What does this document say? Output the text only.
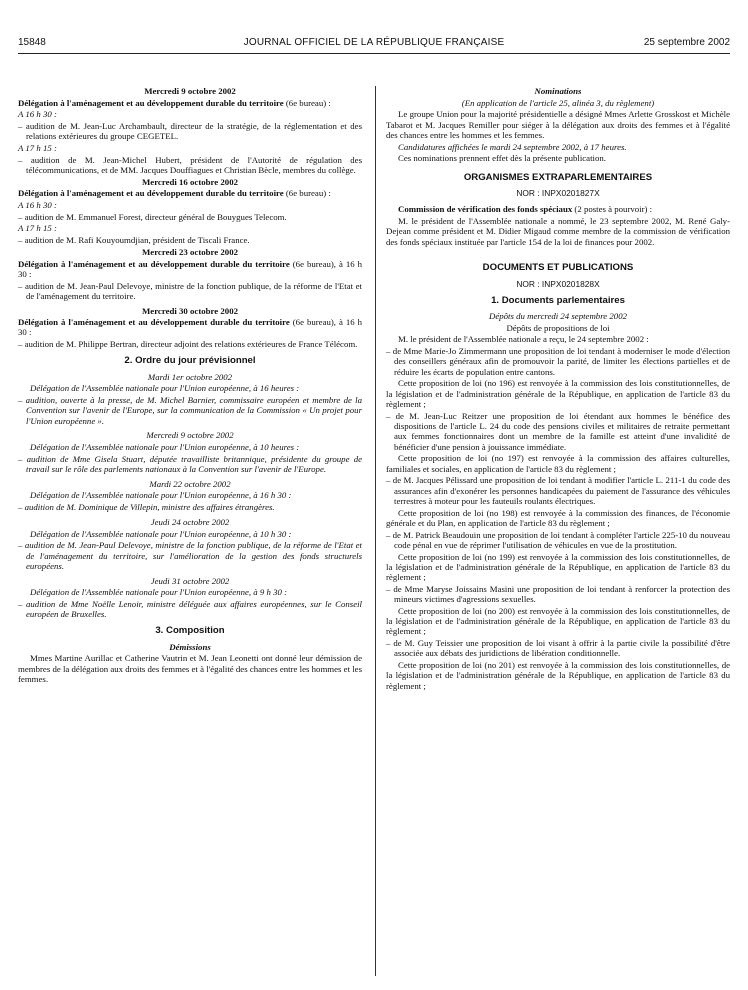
15848	JOURNAL OFFICIEL DE LA RÉPUBLIQUE FRANÇAISE	25 septembre 2002

Mercredi 9 octobre 2002

Délégation à l'aménagement et au développement durable du territoire (6e bureau) :

A 16 h 30 :

– audition de M. Jean-Luc Archambault, directeur de la stratégie, de la réglementation et des relations extérieures du groupe CEGETEL.

A 17 h 15 :

– audition de M. Jean-Michel Hubert, président de l'Autorité de régulation des télécommunications, et de MM. Jacques Douffiagues et Christian Bècle, membres du collège.

Mercredi 16 octobre 2002

Délégation à l'aménagement et au développement durable du territoire (6e bureau) :

A 16 h 30 :

– audition de M. Emmanuel Forest, directeur général de Bouygues Telecom.

A 17 h 15 :

– audition de M. Rafi Kouyoumdjian, président de Tiscali France.

Mercredi 23 octobre 2002

Délégation à l'aménagement et au développement durable du territoire (6e bureau), à 16 h 30 :

– audition de M. Jean-Paul Delevoye, ministre de la fonction publique, de la réforme de l'Etat et de l'aménagement du territoire.

Mercredi 30 octobre 2002

Délégation à l'aménagement et au développement durable du territoire (6e bureau), à 16 h 30 :

– audition de M. Philippe Bertran, directeur adjoint des relations extérieures de France Télécom.

2. Ordre du jour prévisionnel

Mardi 1er octobre 2002

Délégation de l'Assemblée nationale pour l'Union européenne, à 16 heures :

– audition, ouverte à la presse, de M. Michel Barnier, commissaire européen et membre de la Convention sur l'avenir de l'Europe, sur la communication de la Commission « Un projet pour l'Union européenne ».

Mercredi 9 octobre 2002

Délégation de l'Assemblée nationale pour l'Union européenne, à 10 heures :

– audition de Mme Gisela Stuart, députée travailliste britannique, présidente du groupe de travail sur le rôle des parlements nationaux à la Convention sur l'avenir de l'Europe.

Mardi 22 octobre 2002

Délégation de l'Assemblée nationale pour l'Union européenne, à 16 h 30 :

– audition de M. Dominique de Villepin, ministre des affaires étrangères.

Jeudi 24 octobre 2002

Délégation de l'Assemblée nationale pour l'Union européenne, à 10 h 30 :

– audition de M. Jean-Paul Delevoye, ministre de la fonction publique, de la réforme de l'Etat et de l'aménagement du territoire, sur l'amélioration de la gestion des fonds structurels européens.

Jeudi 31 octobre 2002

Délégation de l'Assemblée nationale pour l'Union européenne, à 9 h 30 :

– audition de Mme Noëlle Lenoir, ministre déléguée aux affaires européennes, sur le Conseil européen de Bruxelles.

3. Composition

Démissions

Mmes Martine Aurillac et Catherine Vautrin et M. Jean Leonetti ont donné leur démission de membres de la délégation aux droits des femmes et à l'égalité des chances entre les hommes et les femmes.

Nominations

(En application de l'article 25, alinéa 3, du règlement)

Le groupe Union pour la majorité présidentielle a désigné Mmes Arlette Grosskost et Michèle Tabarot et M. Jacques Remiller pour siéger à la délégation aux droits des femmes et à l'égalité des chances entre les hommes et les femmes.

Candidatures affichées le mardi 24 septembre 2002, à 17 heures.

Ces nominations prennent effet dès la présente publication.

ORGANISMES EXTRAPARLEMENTAIRES

NOR : INPX0201827X

Commission de vérification des fonds spéciaux (2 postes à pourvoir) :

M. le président de l'Assemblée nationale a nommé, le 23 septembre 2002, M. René Galy-Dejean comme président et M. Didier Migaud comme membre de la commission de vérification des fonds spéciaux instituée par l'article 154 de la loi de finances pour 2002.

DOCUMENTS ET PUBLICATIONS

NOR : INPX0201828X

1. Documents parlementaires

Dépôts du mercredi 24 septembre 2002

Dépôts de propositions de loi

M. le président de l'Assemblée nationale a reçu, le 24 septembre 2002 :

– de Mme Marie-Jo Zimmermann une proposition de loi tendant à moderniser le mode d'élection des conseillers généraux afin de promouvoir la parité, de limiter les élections partielles et de réduire les écarts de population entre cantons.

Cette proposition de loi (no 196) est renvoyée à la commission des lois constitutionnelles, de la législation et de l'administration générale de la République, en application de l'article 83 du règlement ;

– de M. Jean-Luc Reitzer une proposition de loi étendant aux hommes le bénéfice des dispositions de l'article L. 24 du code des pensions civiles et militaires de retraite permettant aux femmes fonctionnaires dont un membre de la famille est atteint d'une invalidité de bénéficier d'une pension à jouissance immédiate.

Cette proposition de loi (no 197) est renvoyée à la commission des affaires culturelles, familiales et sociales, en application de l'article 83 du règlement ;

– de M. Jacques Pélissard une proposition de loi tendant à modifier l'article L. 211-1 du code des assurances afin d'exonérer les personnes handicapées du paiement de l'assurance des véhicules terrestres à moteur pour les fauteuils roulants électriques.

Cette proposition de loi (no 198) est renvoyée à la commission des finances, de l'économie générale et du Plan, en application de l'article 83 du règlement ;

– de M. Patrick Beaudouin une proposition de loi tendant à compléter l'article 225-10 du nouveau code pénal en vue de réprimer l'utilisation de véhicules en vue de la prostitution.

Cette proposition de loi (no 199) est renvoyée à la commission des lois constitutionnelles, de la législation et de l'administration générale de la République, en application de l'article 83 du règlement ;

– de Mme Maryse Joissains Masini une proposition de loi tendant à renforcer la protection des mineurs victimes d'agressions sexuelles.

Cette proposition de loi (no 200) est renvoyée à la commission des lois constitutionnelles, de la législation et de l'administration générale de la République, en application de l'article 83 du règlement ;

– de M. Guy Teissier une proposition de loi visant à offrir à la partie civile la possibilité d'être associée aux débats des juridictions de libération conditionnelle.

Cette proposition de loi (no 201) est renvoyée à la commission des lois constitutionnelles, de la législation et de l'administration générale de la République, en application de l'article 83 du règlement ;
